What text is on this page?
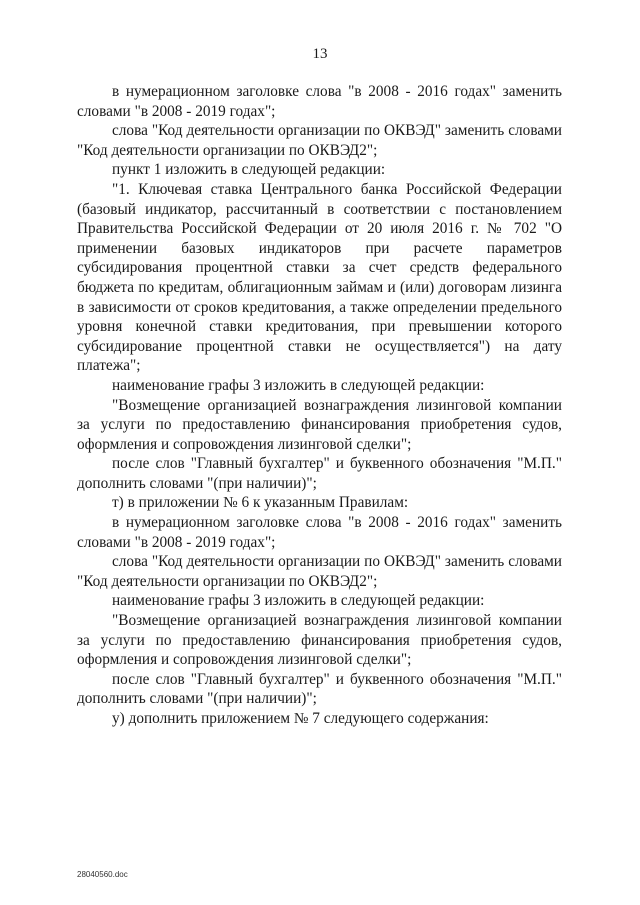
13

в нумерационном заголовке слова "в 2008 - 2016 годах" заменить словами "в 2008 - 2019 годах";

слова "Код деятельности организации по ОКВЭД" заменить словами "Код деятельности организации по ОКВЭД2";

пункт 1 изложить в следующей редакции:

"1. Ключевая ставка Центрального банка Российской Федерации (базовый индикатор, рассчитанный в соответствии с постановлением Правительства Российской Федерации от 20 июля 2016 г. № 702 "О применении базовых индикаторов при расчете параметров субсидирования процентной ставки за счет средств федерального бюджета по кредитам, облигационным займам и (или) договорам лизинга в зависимости от сроков кредитования, а также определении предельного уровня конечной ставки кредитования, при превышении которого субсидирование процентной ставки не осуществляется") на дату платежа";

наименование графы 3 изложить в следующей редакции:

"Возмещение организацией вознаграждения лизинговой компании за услуги по предоставлению финансирования приобретения судов, оформления и сопровождения лизинговой сделки";

после слов "Главный бухгалтер" и буквенного обозначения "М.П." дополнить словами "(при наличии)";

т) в приложении № 6 к указанным Правилам:

в нумерационном заголовке слова "в 2008 - 2016 годах" заменить словами "в 2008 - 2019 годах";

слова "Код деятельности организации по ОКВЭД" заменить словами "Код деятельности организации по ОКВЭД2";

наименование графы 3 изложить в следующей редакции:

"Возмещение организацией вознаграждения лизинговой компании за услуги по предоставлению финансирования приобретения судов, оформления и сопровождения лизинговой сделки";

после слов "Главный бухгалтер" и буквенного обозначения "М.П." дополнить словами "(при наличии)";

у) дополнить приложением № 7 следующего содержания:

28040560.doc
